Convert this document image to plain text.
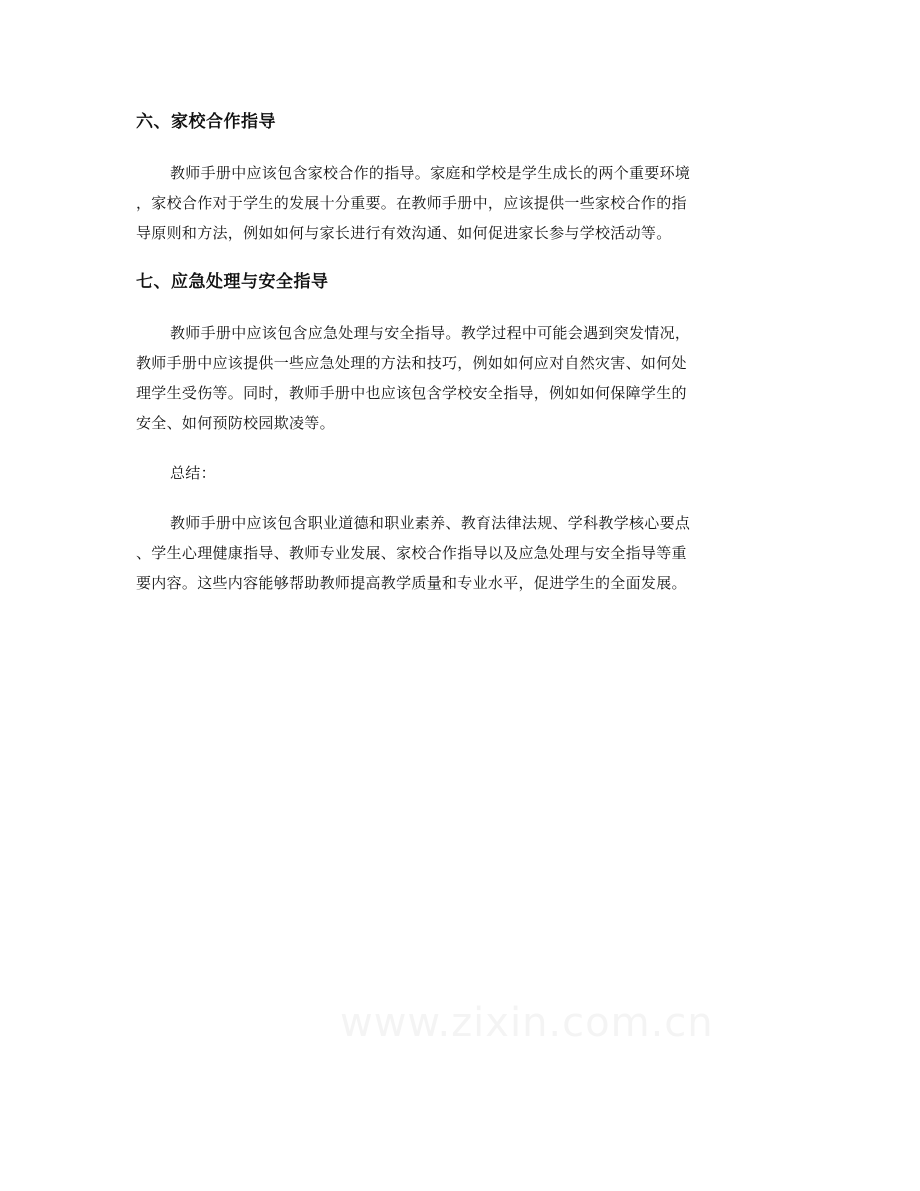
六、家校合作指导

教师手册中应该包含家校合作的指导。家庭和学校是学生成长的两个重要环境
，家校合作对于学生的发展十分重要。在教师手册中，应该提供一些家校合作的指
导原则和方法，例如如何与家长进行有效沟通、如何促进家长参与学校活动等。

七、应急处理与安全指导

教师手册中应该包含应急处理与安全指导。教学过程中可能会遇到突发情况，
教师手册中应该提供一些应急处理的方法和技巧，例如如何应对自然灾害、如何处
理学生受伤等。同时，教师手册中也应该包含学校安全指导，例如如何保障学生的
安全、如何预防校园欺凌等。

总结：

教师手册中应该包含职业道德和职业素养、教育法律法规、学科教学核心要点
、学生心理健康指导、教师专业发展、家校合作指导以及应急处理与安全指导等重
要内容。这些内容能够帮助教师提高教学质量和专业水平，促进学生的全面发展。

www.zixin.com.cn
